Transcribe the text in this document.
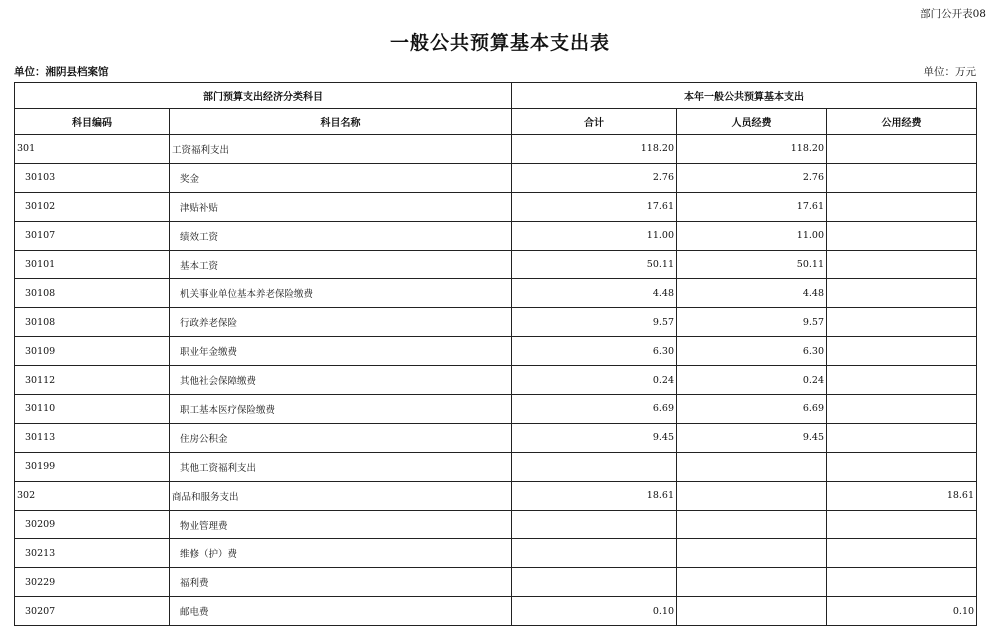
部门公开表08
一般公共预算基本支出表
单位：湘阴县档案馆	单位：万元
部门预算支出经济分类科目		本年一般公共预算基本支出		
科目编码	科目名称	合计	人员经费	公用经费
301	工资福利支出	118.20	118.20	
30103	奖金	2.76	2.76	
30102	津贴补贴	17.61	17.61	
30107	绩效工资	11.00	11.00	
30101	基本工资	50.11	50.11	
30108	机关事业单位基本养老保险缴费	4.48	4.48	
30108	行政养老保险	9.57	9.57	
30109	职业年金缴费	6.30	6.30	
30112	其他社会保障缴费	0.24	0.24	
30110	职工基本医疗保险缴费	6.69	6.69	
30113	住房公积金	9.45	9.45	
30199	其他工资福利支出			
302	商品和服务支出	18.61		18.61
30209	物业管理费			
30213	维修（护）费			
30229	福利费			
30207	邮电费	0.10		0.10
